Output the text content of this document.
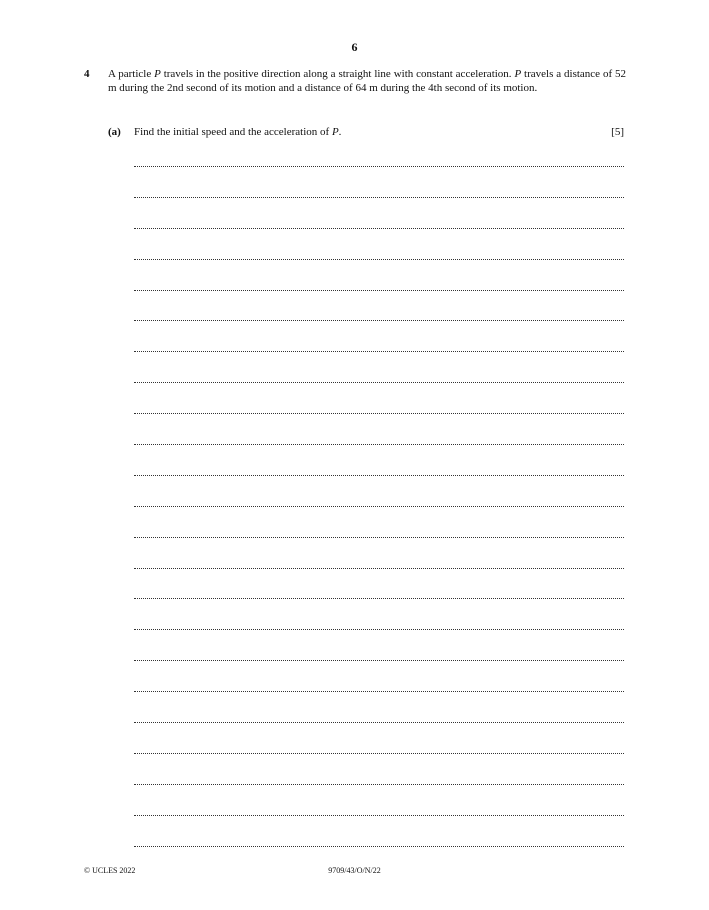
6
4 A particle P travels in the positive direction along a straight line with constant acceleration. P travels a distance of 52 m during the 2nd second of its motion and a distance of 64 m during the 4th second of its motion.
(a) Find the initial speed and the acceleration of P.	[5]
© UCLES 2022	9709/43/O/N/22
